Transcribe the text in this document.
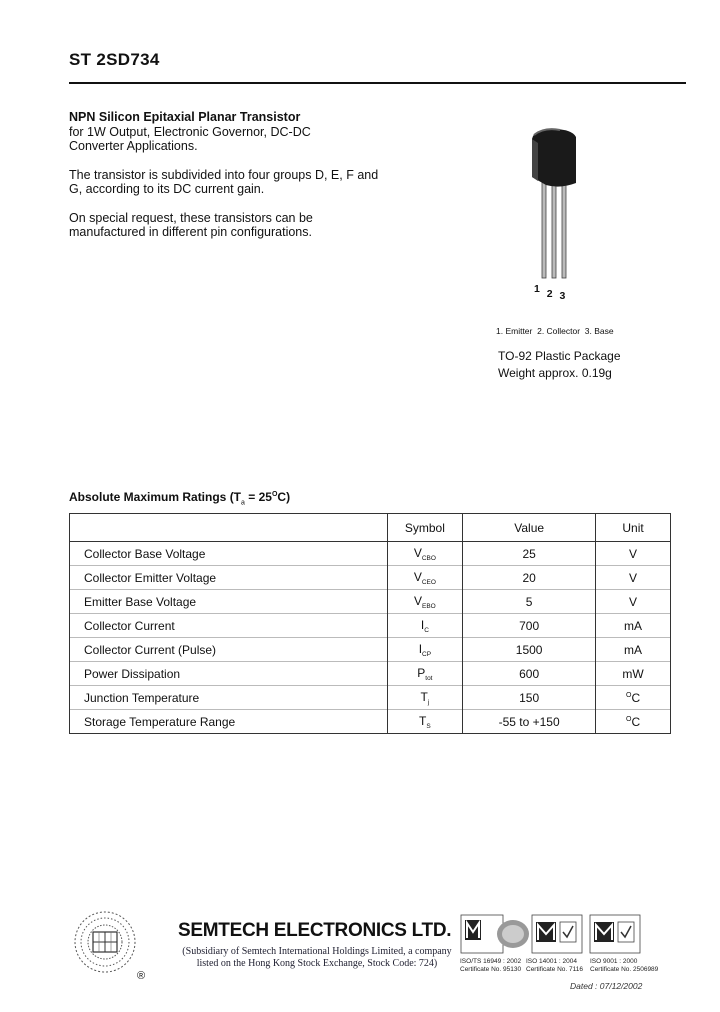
ST 2SD734

NPN Silicon Epitaxial Planar Transistor
for 1W Output, Electronic Governor, DC-DC
Converter Applications.

The transistor is subdivided into four groups D, E, F and G, according to its DC current gain.

On special request, these transistors can be manufactured in different pin configurations.

1 2 3
1. Emitter  2. Collector  3. Base
TO-92 Plastic Package
Weight approx. 0.19g
Absolute Maximum Ratings $(T_a = 25^OC)$
	Symbol	Value	Unit
Collector Base Voltage	$V_{CBO}$	25	V
Collector Emitter Voltage	$V_{CEO}$	20	V
Emitter Base Voltage	$V_{EBO}$	5	V
Collector Current	$I_C$	700	mA
Collector Current (Pulse)	$I_{CP}$	1500	mA
Power Dissipation	$P_{tot}$	600	mW
Junction Temperature	$T_j$	150	$^O$C
Storage Temperature Range	$T_S$	-55 to +150	$^O$C
®
SEMTECH ELECTRONICS LTD.
(Subsidiary of Semtech International Holdings Limited, a company
listed on the Hong Kong Stock Exchange, Stock Code: 724)	ISO/TS 16949 : 2002
Certificate No. 95130
ISO 14001 : 2004
Certificate No. 7116
ISO 9001 : 2000
Certificate No. 2506989
Dated : 07/12/2002
